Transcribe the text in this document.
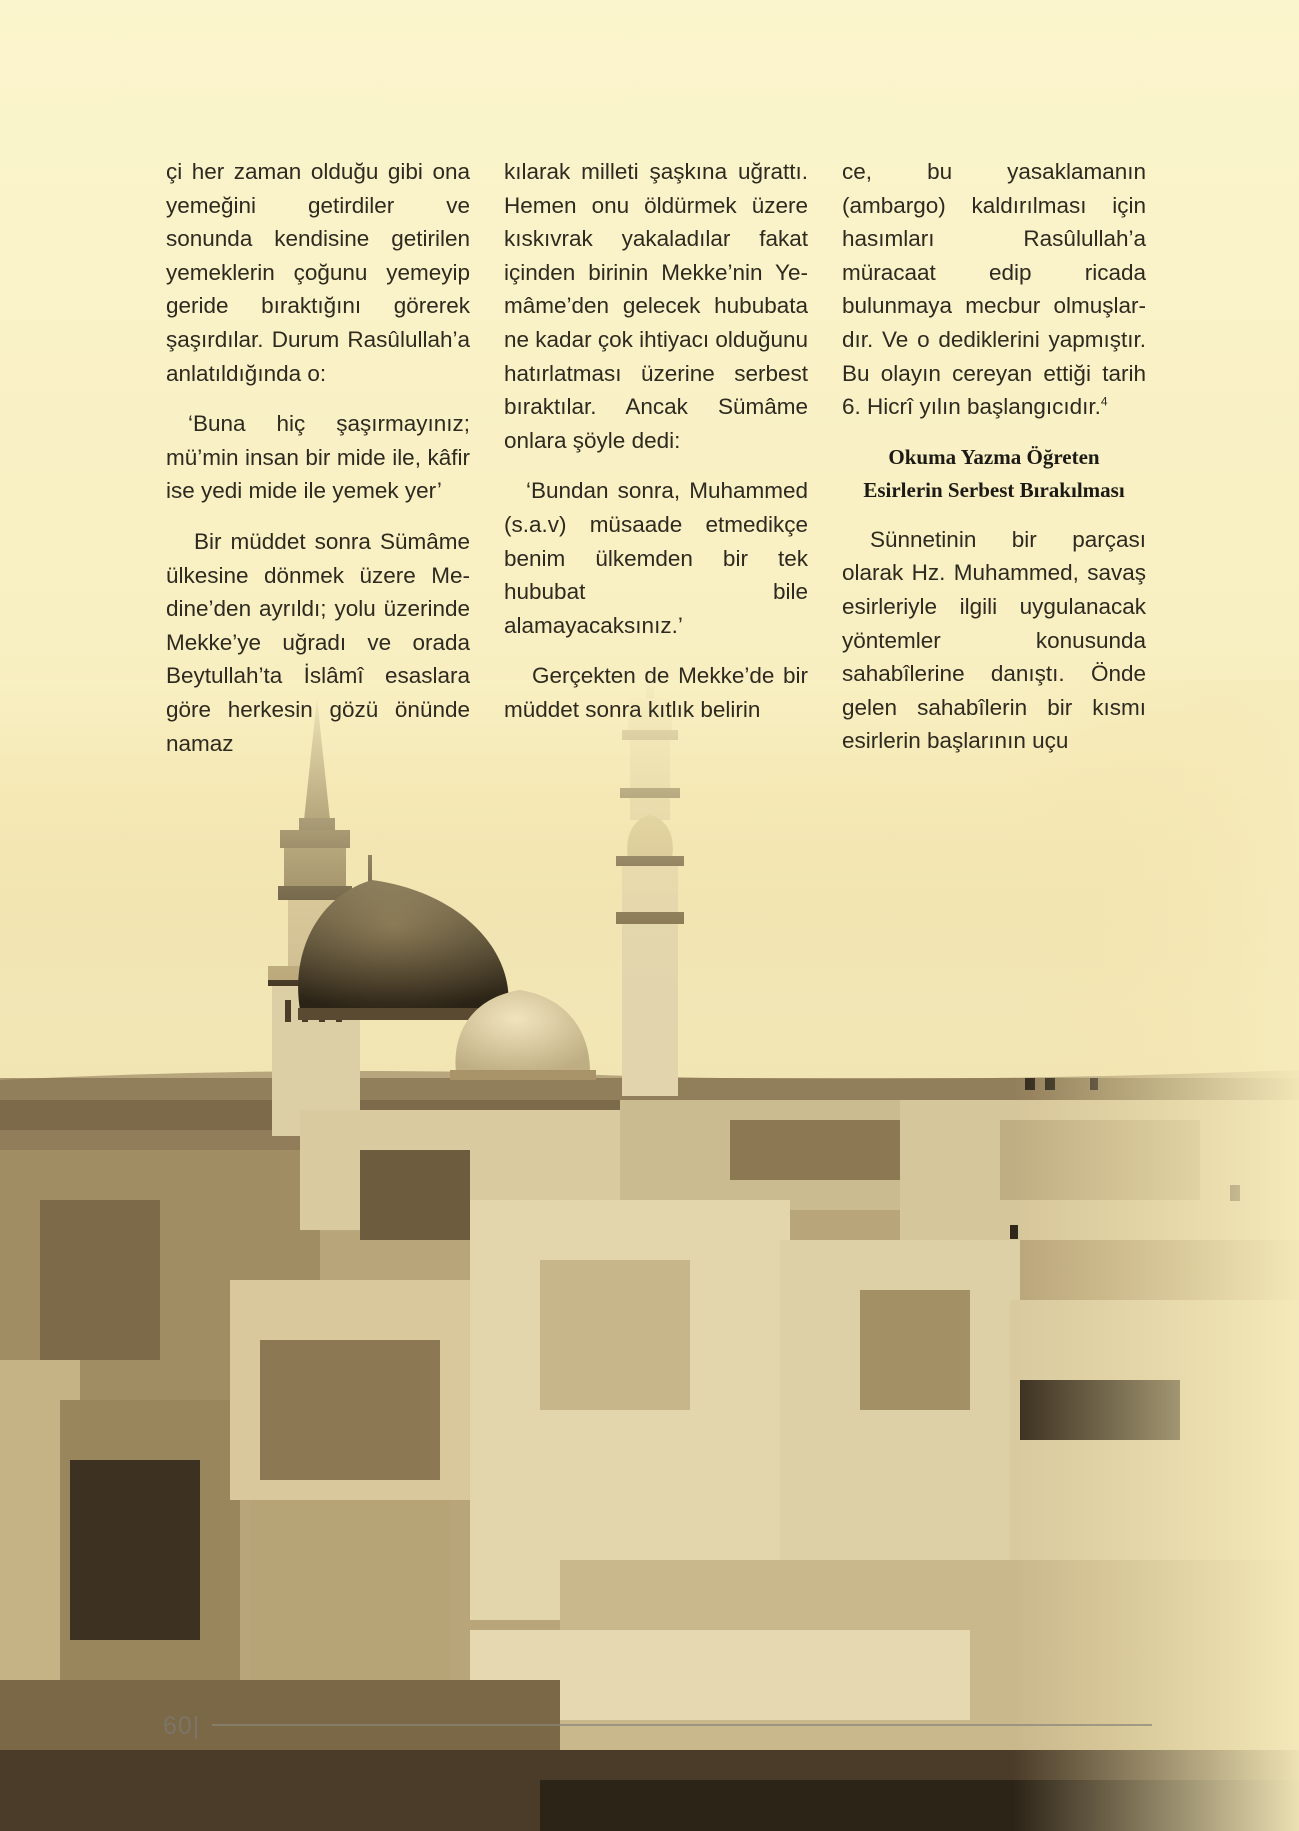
çi her zaman olduğu gibi ona yemeğini getirdiler ve sonunda kendisine getirilen yemeklerin çoğunu yemeyip geride bıraktığını görerek şaşırdılar. Durum Rasûlullah’a anlatıldığında o:

‘Buna hiç şaşırmayınız; mü’min insan bir mide ile, kâfir ise yedi mide ile yemek yer’

Bir müddet sonra Sümâme ülkesine dönmek üzere Medine’den ayrıldı; yolu üzerinde Mekke’ye uğradı ve orada Beytullah’ta İslâmî esaslara göre herkesin gözü önünde namaz

kılarak milleti şaşkına uğrattı. Hemen onu öldürmek üzere kıskıvrak yakaladılar fakat içinden birinin Mekke’nin Yemâme’den gelecek hububata ne kadar çok ihtiyacı olduğunu hatırlatması üzerine serbest bıraktılar. Ancak Sümâme onlara şöyle dedi:

‘Bundan sonra, Muhammed (s.a.v) müsaade etmedikçe benim ülkemden bir tek hububat bile alamayacaksınız.’

Gerçekten de Mekke’de bir müddet sonra kıtlık belirin

ce, bu yasaklamanın (ambargo) kaldırılması için hasımları Rasûlullah’a müracaat edip ricada bulunmaya mecbur olmuşlardır. Ve o dediklerini yapmıştır. Bu olayın cereyan ettiği tarih 6. Hicrî yılın başlangıcıdır.$^4$

Okuma Yazma Öğreten
Esirlerin Serbest Bırakılması

Sünnetinin bir parçası olarak Hz. Muhammed, savaş esirleriyle ilgili uygulanacak yöntemler konusunda sahabîlerine danıştı. Önde gelen sahabîlerin bir kısmı esirlerin başlarının uçu

60|
